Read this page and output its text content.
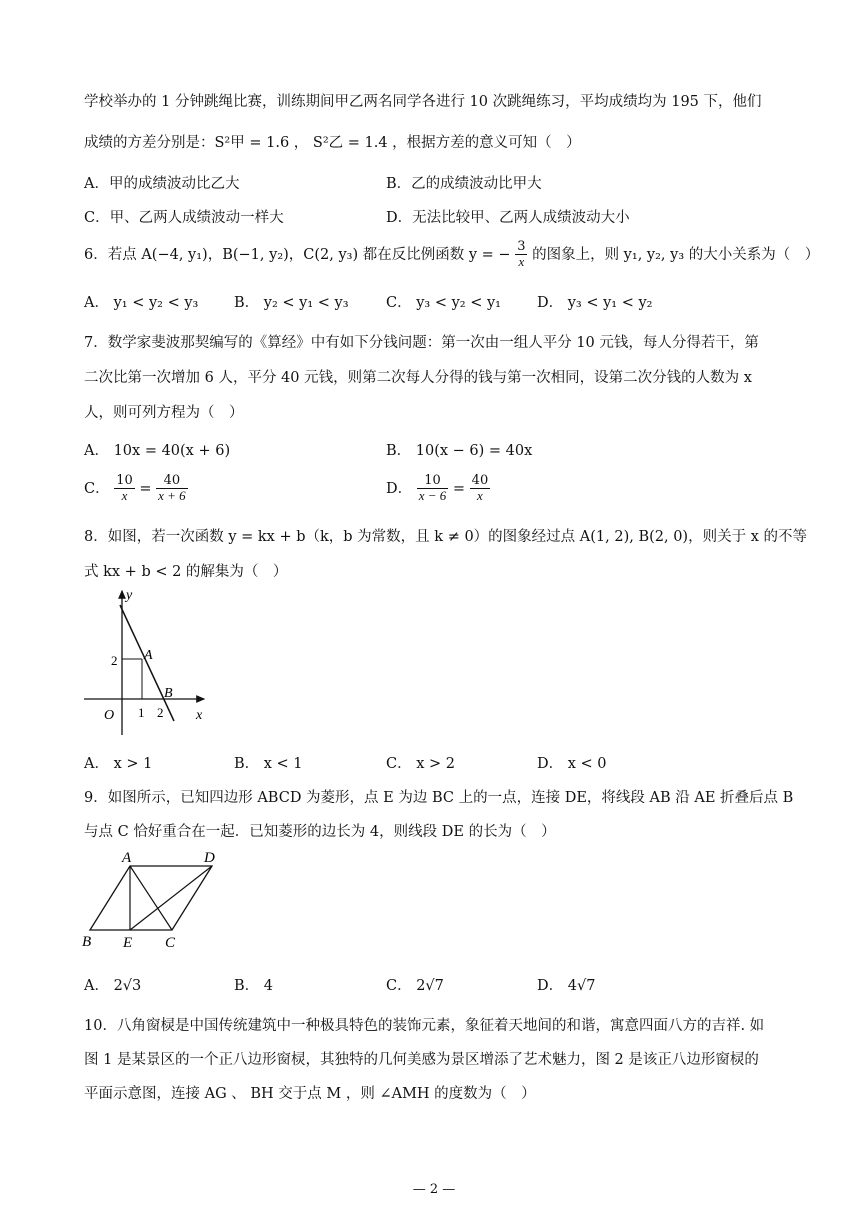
学校举办的 1 分钟跳绳比赛，训练期间甲乙两名同学各进行 10 次跳绳练习，平均成绩均为 195 下，他们
成绩的方差分别是：S²甲 = 1.6 ， S²乙 = 1.4 ，根据方差的意义可知（　）
A．甲的成绩波动比乙大	B．乙的成绩波动比甲大
C．甲、乙两人成绩波动一样大	D．无法比较甲、乙两人成绩波动大小
6．若点 A(−4, y₁)，B(−1, y₂)，C(2, y₃) 都在反比例函数 y = − $\frac{3}{x}$ 的图象上，则 y₁, y₂, y₃ 的大小关系为（　）
A． y₁ < y₂ < y₃ B． y₂ < y₁ < y₃	C． y₃ < y₂ < y₁ D． y₃ < y₁ < y₂
7．数学家斐波那契编写的《算经》中有如下分钱问题：第一次由一组人平分 10 元钱，每人分得若干，第
二次比第一次增加 6 人，平分 40 元钱，则第二次每人分得的钱与第一次相同，设第二次分钱的人数为 x
人，则可列方程为（　）
A． 10x = 40(x + 6)	B． 10(x − 6) = 40x
C． $\frac{10}{x} = \frac{40}{x + 6}$	D． $\frac{10}{x - 6} = \frac{40}{x}$
8．如图，若一次函数 y = kx + b（k，b 为常数，且 k ≠ 0）的图象经过点 A(1, 2), B(2, 0)，则关于 x 的不等
式 kx + b < 2 的解集为（　）
y
x
O
A
B
1 2
2
A． x > 1	B． x < 1	C． x > 2	D． x < 0
9．如图所示，已知四边形 ABCD 为菱形，点 E 为边 BC 上的一点，连接 DE，将线段 AB 沿 AE 折叠后点 B
与点 C 恰好重合在一起．已知菱形的边长为 4，则线段 DE 的长为（　）
A	D
B E C
A． 2√3	B． 4	C． 2√7	D． 4√7
10．八角窗棂是中国传统建筑中一种极具特色的装饰元素，象征着天地间的和谐，寓意四面八方的吉祥. 如
图 1 是某景区的一个正八边形窗棂，其独特的几何美感为景区增添了艺术魅力，图 2 是该正八边形窗棂的
平面示意图，连接 AG 、 BH 交于点 M ，则 ∠AMH 的度数为（　）
— 2 —
